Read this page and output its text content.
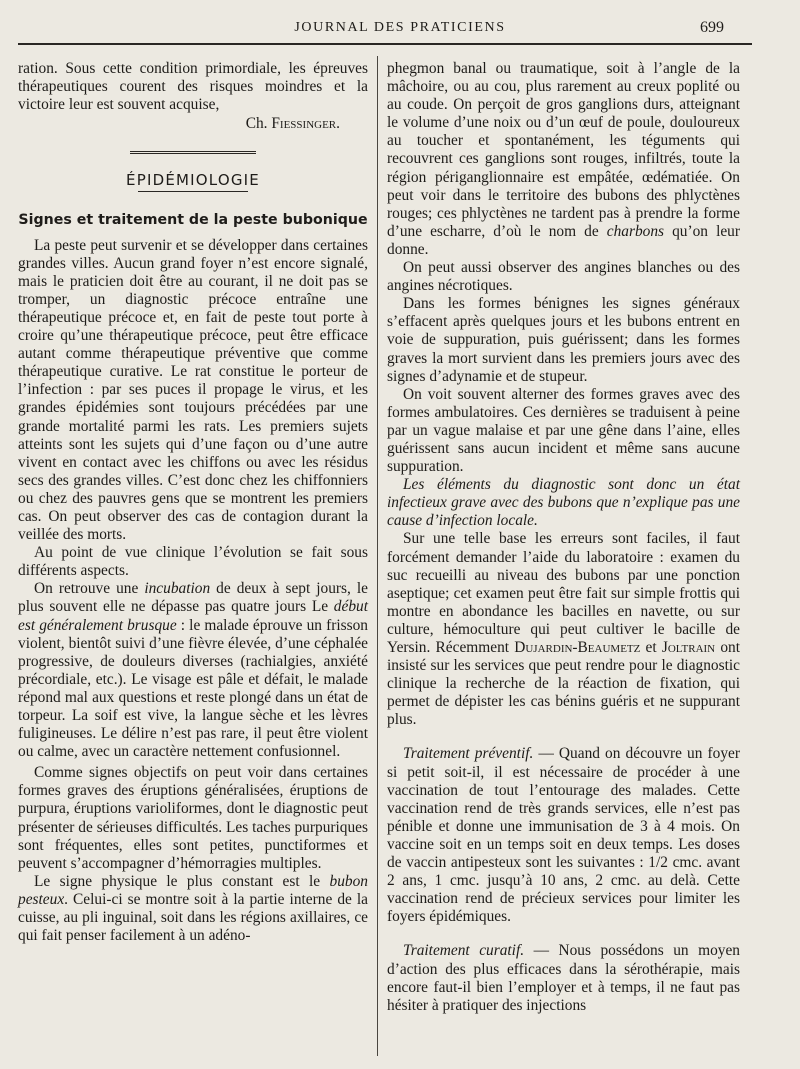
JOURNAL DES PRATICIENS	699

ration. Sous cette condition primordiale, les épreuves thérapeutiques courent des risques moindres et la victoire leur est souvent acquise,

Ch. Fiessinger.

ÉPIDÉMIOLOGIE
Signes et traitement de la peste bubonique

La peste peut survenir et se développer dans certaines grandes villes. Aucun grand foyer n’est encore signalé, mais le praticien doit être au courant, il ne doit pas se tromper, un diagnostic précoce entraîne une thérapeutique précoce et, en fait de peste tout porte à croire qu’une thérapeutique précoce, peut être efficace autant comme thérapeutique préventive que comme thérapeutique curative. Le rat constitue le porteur de l’infection : par ses puces il propage le virus, et les grandes épidémies sont toujours précédées par une grande mortalité parmi les rats. Les premiers sujets atteints sont les sujets qui d’une façon ou d’une autre vivent en contact avec les chiffons ou avec les résidus secs des grandes villes. C’est donc chez les chiffonniers ou chez des pauvres gens que se montrent les premiers cas. On peut observer des cas de contagion durant la veillée des morts.

Au point de vue clinique l’évolution se fait sous différents aspects.

On retrouve une incubation de deux à sept jours, le plus souvent elle ne dépasse pas quatre jours Le début est généralement brusque : le malade éprouve un frisson violent, bientôt suivi d’une fièvre élevée, d’une céphalée progressive, de douleurs diverses (rachialgies, anxiété précordiale, etc.). Le visage est pâle et défait, le malade répond mal aux questions et reste plongé dans un état de torpeur. La soif est vive, la langue sèche et les lèvres fuligineuses. Le délire n’est pas rare, il peut être violent ou calme, avec un caractère nettement confusionnel.

Comme signes objectifs on peut voir dans certaines formes graves des éruptions généralisées, éruptions de purpura, éruptions varioliformes, dont le diagnostic peut présenter de sérieuses difficultés. Les taches purpuriques sont fréquentes, elles sont petites, punctiformes et peuvent s’accompagner d’hémorragies multiples.

Le signe physique le plus constant est le bubon pesteux. Celui-ci se montre soit à la partie interne de la cuisse, au pli inguinal, soit dans les régions axillaires, ce qui fait penser facilement à un adéno-

phegmon banal ou traumatique, soit à l’angle de la mâchoire, ou au cou, plus rarement au creux poplité ou au coude. On perçoit de gros ganglions durs, atteignant le volume d’une noix ou d’un œuf de poule, douloureux au toucher et spontanément, les téguments qui recouvrent ces ganglions sont rouges, infiltrés, toute la région périganglionnaire est empâtée, œdématiée. On peut voir dans le territoire des bubons des phlyctènes rouges; ces phlyctènes ne tardent pas à prendre la forme d’une escharre, d’où le nom de charbons qu’on leur donne.

On peut aussi observer des angines blanches ou des angines nécrotiques.

Dans les formes bénignes les signes généraux s’effacent après quelques jours et les bubons entrent en voie de suppuration, puis guérissent; dans les formes graves la mort survient dans les premiers jours avec des signes d’adynamie et de stupeur.

On voit souvent alterner des formes graves avec des formes ambulatoires. Ces dernières se traduisent à peine par un vague malaise et par une gêne dans l’aine, elles guérissent sans aucun incident et même sans aucune suppuration.

Les éléments du diagnostic sont donc un état infectieux grave avec des bubons que n’explique pas une cause d’infection locale.

Sur une telle base les erreurs sont faciles, il faut forcément demander l’aide du laboratoire : examen du suc recueilli au niveau des bubons par une ponction aseptique; cet examen peut être fait sur simple frottis qui montre en abondance les bacilles en navette, ou sur culture, hémoculture qui peut cultiver le bacille de Yersin. Récemment Dujardin-Beaumetz et Joltrain ont insisté sur les services que peut rendre pour le diagnostic clinique la recherche de la réaction de fixation, qui permet de dépister les cas bénins guéris et ne suppurant plus.

Traitement préventif. — Quand on découvre un foyer si petit soit-il, il est nécessaire de procéder à une vaccination de tout l’entourage des malades. Cette vaccination rend de très grands services, elle n’est pas pénible et donne une immunisation de 3 à 4 mois. On vaccine soit en un temps soit en deux temps. Les doses de vaccin antipesteux sont les suivantes : 1/2 cmc. avant 2 ans, 1 cmc. jusqu’à 10 ans, 2 cmc. au delà. Cette vaccination rend de précieux services pour limiter les foyers épidémiques.

Traitement curatif. — Nous possédons un moyen d’action des plus efficaces dans la sérothérapie, mais encore faut-il bien l’employer et à temps, il ne faut pas hésiter à pratiquer des injections
